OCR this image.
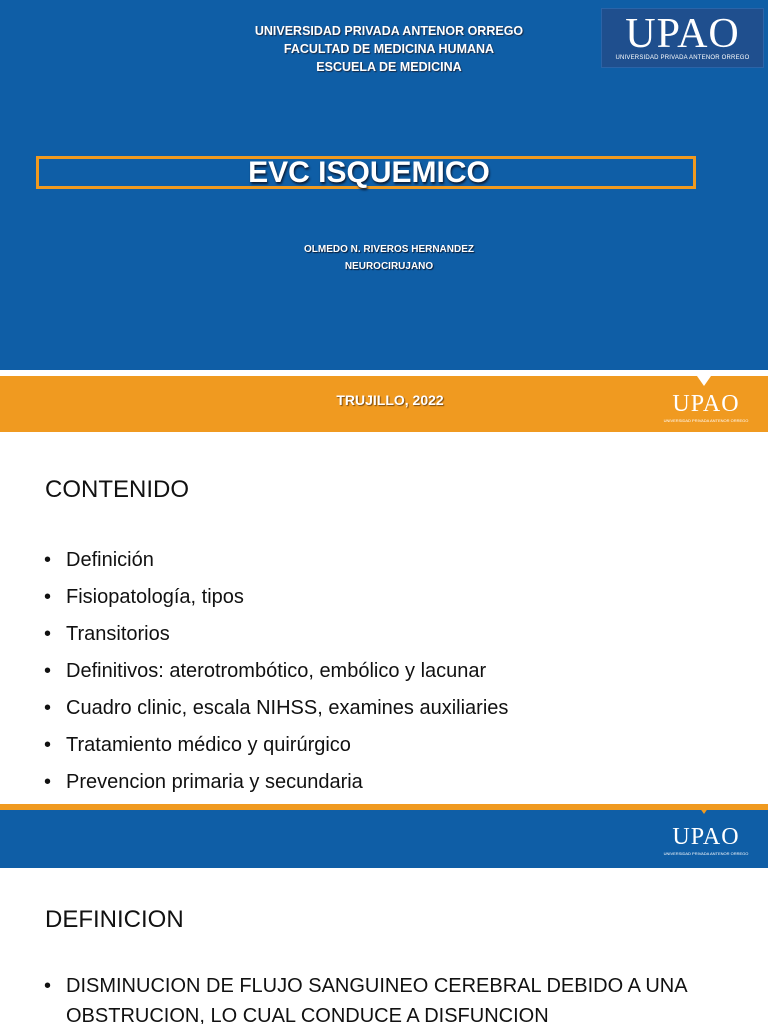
UNIVERSIDAD PRIVADA ANTENOR ORREGO
FACULTAD DE MEDICINA HUMANA
ESCUELA DE MEDICINA
UPAO
UNIVERSIDAD PRIVADA ANTENOR ORREGO
EVC ISQUEMICO
OLMEDO N. RIVEROS HERNANDEZ
NEUROCIRUJANO
TRUJILLO, 2022	UPAO
UNIVERSIDAD PRIVADA ANTENOR ORREGO
CONTENIDO
• Definición
• Fisiopatología, tipos
• Transitorios
• Definitivos: aterotrombótico, embólico y lacunar
• Cuadro clinic, escala NIHSS, examines auxiliaries
• Tratamiento médico y quirúrgico
• Prevencion primaria y secundaria
UPAO
UNIVERSIDAD PRIVADA ANTENOR ORREGO
DEFINICION

• DISMINUCION DE FLUJO SANGUINEO CEREBRAL DEBIDO A UNA OBSTRUCION, LO CUAL CONDUCE A DISFUNCION
